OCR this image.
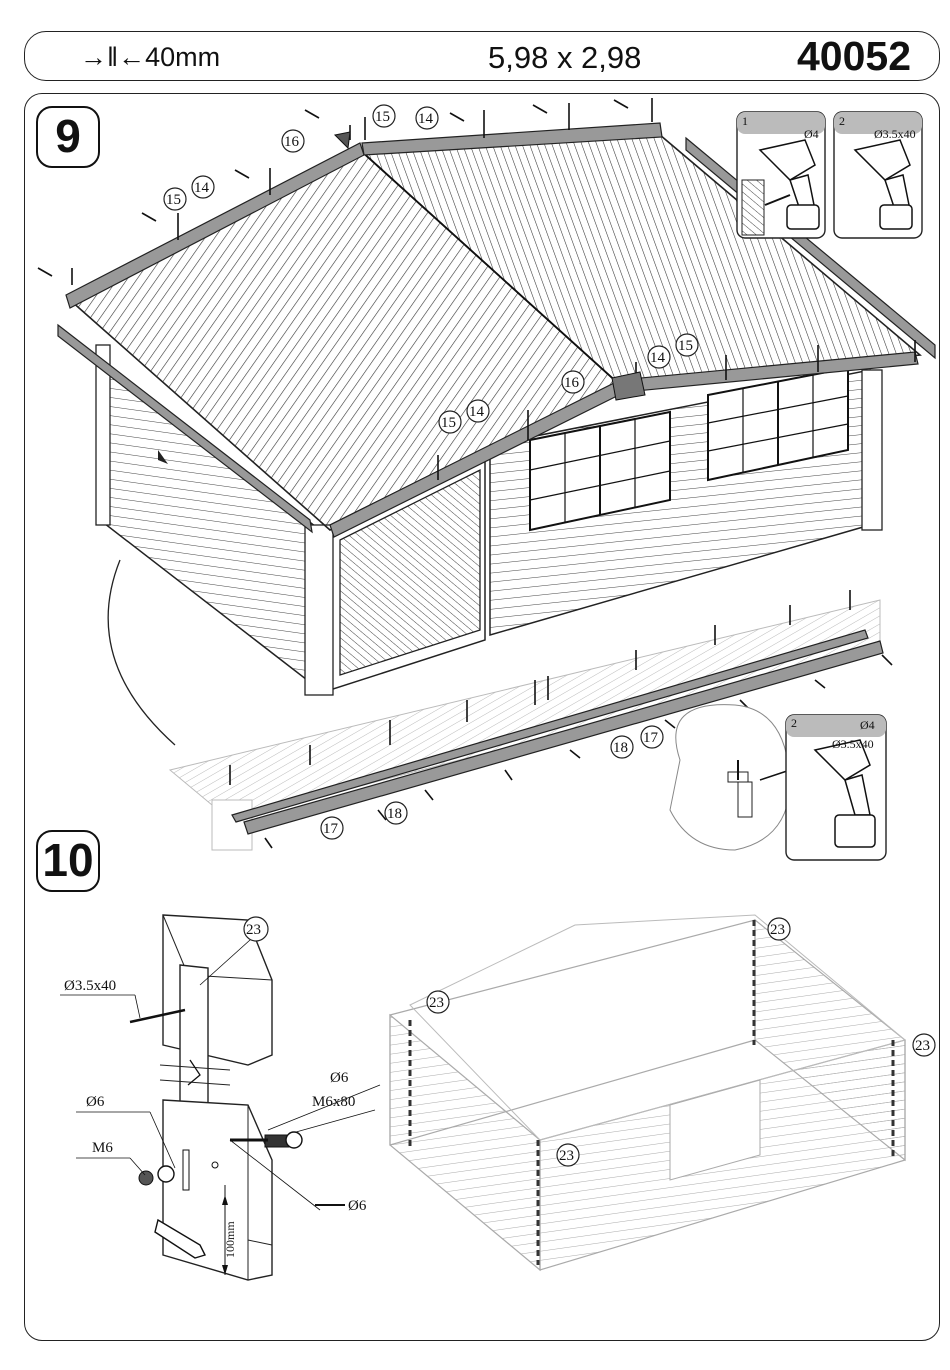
→‖←40mm	5,98 x 2,98	40052
9
10
1
Ø4
2
Ø3.5x40
2	Ø4
Ø3.5x40
16
15 14
15
14
16
14
15
15
14
17
18
17
18
23
Ø3.5x40
Ø6
M6
Ø6
M6x80
Ø6
100mm
23
23
23
23
